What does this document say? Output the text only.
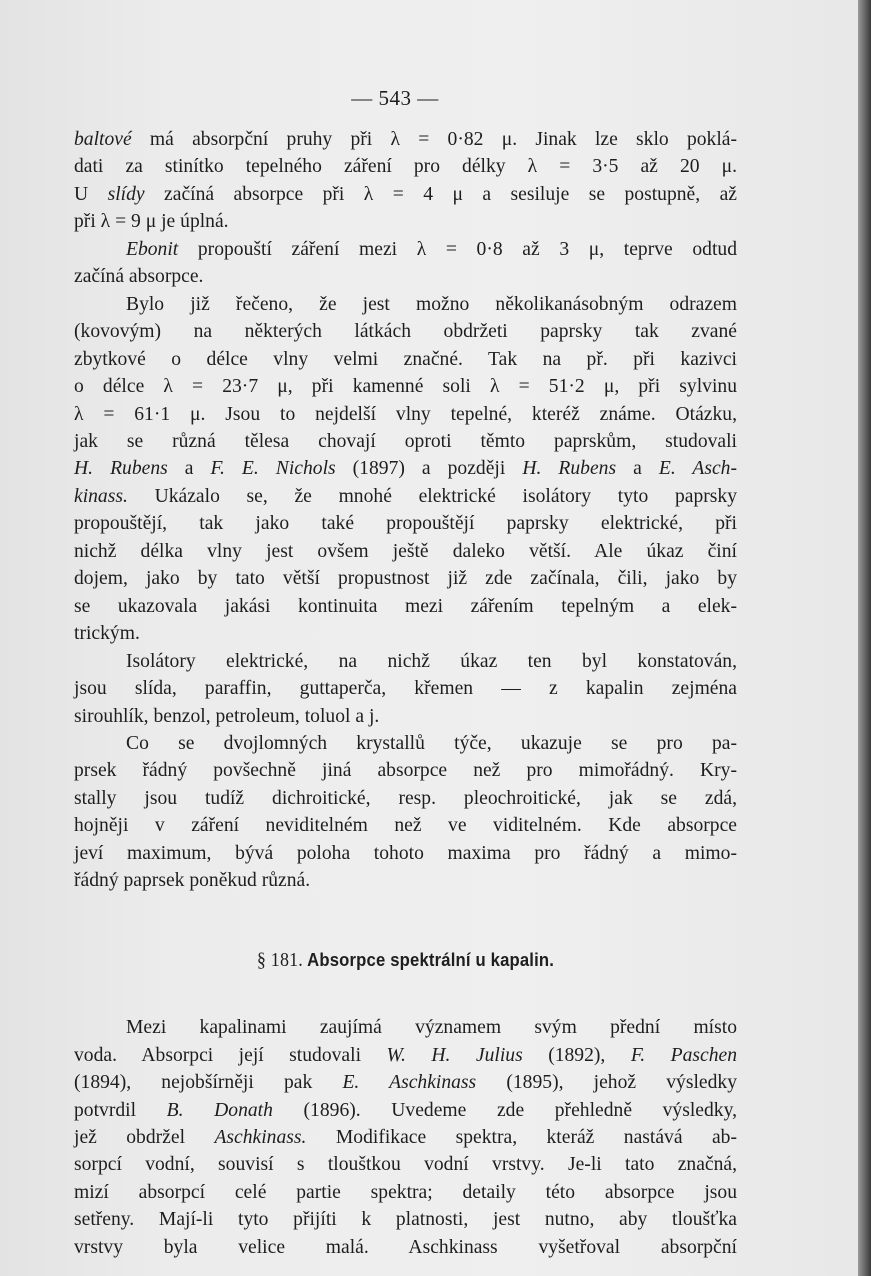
— 543 —

baltové má absorpční pruhy při λ = 0·82 μ. Jinak lze sklo poklá-

dati za stinítko tepelného záření pro délky λ = 3·5 až 20 μ.

U slídy začíná absorpce při λ = 4 μ a sesiluje se postupně, až

při λ = 9 μ je úplná.

Ebonit propouští záření mezi λ = 0·8 až 3 μ, teprve odtud

začíná absorpce.

Bylo již řečeno, že jest možno několikanásobným odrazem

(kovovým) na některých látkách obdržeti paprsky tak zvané

zbytkové o délce vlny velmi značné. Tak na př. při kazivci

o délce λ = 23·7 μ, při kamenné soli λ = 51·2 μ, při sylvinu

λ = 61·1 μ. Jsou to nejdelší vlny tepelné, kteréž známe. Otázku,

jak se různá tělesa chovají oproti těmto paprskům, studovali

H. Rubens a F. E. Nichols (1897) a později H. Rubens a E. Asch-

kinass. Ukázalo se, že mnohé elektrické isolátory tyto paprsky

propouštějí, tak jako také propouštějí paprsky elektrické, při

nichž délka vlny jest ovšem ještě daleko větší. Ale úkaz činí

dojem, jako by tato větší propustnost již zde začínala, čili, jako by

se ukazovala jakási kontinuita mezi zářením tepelným a elek-

trickým.

Isolátory elektrické, na nichž úkaz ten byl konstatován,

jsou slída, paraffin, guttaperča, křemen — z kapalin zejména

sirouhlík, benzol, petroleum, toluol a j.

Co se dvojlomných krystallů týče, ukazuje se pro pa-

prsek řádný povšechně jiná absorpce než pro mimořádný. Kry-

stally jsou tudíž dichroitické, resp. pleochroitické, jak se zdá,

hojněji v záření neviditelném než ve viditelném. Kde absorpce

jeví maximum, bývá poloha tohoto maxima pro řádný a mimo-

řádný paprsek poněkud různá.

§ 181. Absorpce spektrální u kapalin.

Mezi kapalinami zaujímá významem svým přední místo

voda. Absorpci její studovali W. H. Julius (1892), F. Paschen

(1894), nejobšírněji pak E. Aschkinass (1895), jehož výsledky

potvrdil B. Donath (1896). Uvedeme zde přehledně výsledky,

jež obdržel Aschkinass. Modifikace spektra, kteráž nastává ab-

sorpcí vodní, souvisí s tlouštkou vodní vrstvy. Je-li tato značná,

mizí absorpcí celé partie spektra; detaily této absorpce jsou

setřeny. Mají-li tyto přijíti k platnosti, jest nutno, aby tloušťka

vrstvy byla velice malá. Aschkinass vyšetřoval absorpční
